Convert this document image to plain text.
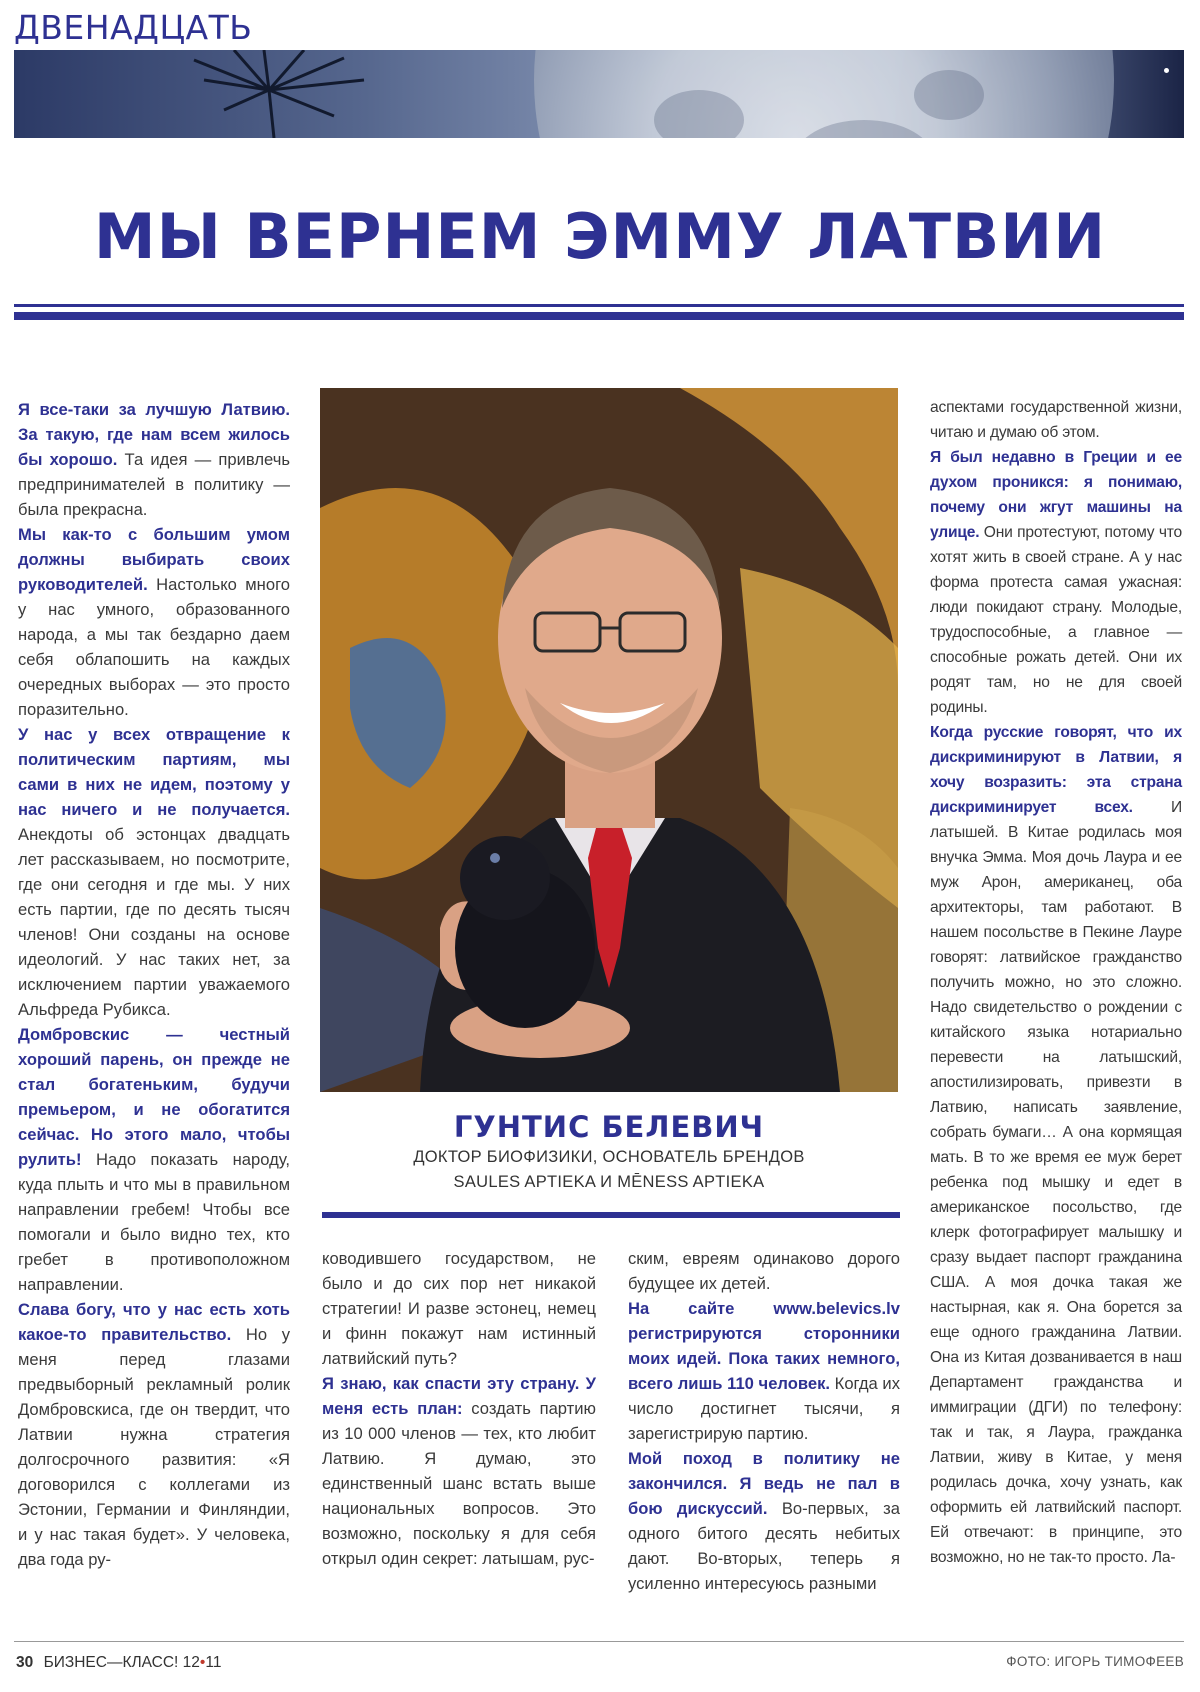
ДВЕНАДЦАТЬ
МЫ ВЕРНЕМ ЭММУ ЛАТВИИ

Я все-таки за лучшую Латвию. За такую, где нам всем жилось бы хорошо. Та идея — привлечь предпринимателей в политику — была прекрасна.

Мы как-то с большим умом должны выбирать своих руководителей. Настолько много у нас умного, образованного народа, а мы так бездарно даем себя облапошить на каждых очередных выборах — это просто поразительно.

У нас у всех отвращение к политическим партиям, мы сами в них не идем, поэтому у нас ничего и не получается. Анекдоты об эстонцах двадцать лет рассказываем, но посмотрите, где они сегодня и где мы. У них есть партии, где по десять тысяч членов! Они созданы на основе идеологий. У нас таких нет, за исключением партии уважаемого Альфреда Рубикса.

Домбровскис — честный хороший парень, он прежде не стал богатеньким, будучи премьером, и не обогатится сейчас. Но этого мало, чтобы рулить! Надо показать народу, куда плыть и что мы в правильном направлении гребем! Чтобы все помогали и было видно тех, кто гребет в противоположном направлении.

Слава богу, что у нас есть хоть какое-то правительство. Но у меня перед глазами предвыборный рекламный ролик Домбровскиса, где он твердит, что Латвии нужна стратегия долгосрочного развития: «Я договорился с коллегами из Эстонии, Германии и Финляндии, и у нас такая будет». У человека, два года ру-

ГУНТИС БЕЛЕВИЧ
ДОКТОР БИОФИЗИКИ, ОСНОВАТЕЛЬ БРЕНДОВ
SAULES APTIEKA И MĒNESS APTIEKA

ководившего государством, не было и до сих пор нет никакой стратегии! И разве эстонец, немец и финн покажут нам истинный латвийский путь?

Я знаю, как спасти эту страну. У меня есть план: создать партию из 10 000 членов — тех, кто любит Латвию. Я думаю, это единственный шанс встать выше национальных вопросов. Это возможно, поскольку я для себя открыл один секрет: латышам, рус-

ским, евреям одинаково дорого будущее их детей.

На сайте www.belevics.lv регистрируются сторонники моих идей. Пока таких немного, всего лишь 110 человек. Когда их число достигнет тысячи, я зарегистрирую партию.

Мой поход в политику не закончился. Я ведь не пал в бою дискуссий. Во-первых, за одного битого десять небитых дают. Во-вторых, теперь я усиленно интересуюсь разными

аспектами государственной жизни, читаю и думаю об этом.

Я был недавно в Греции и ее духом проникся: я понимаю, почему они жгут машины на улице. Они протестуют, потому что хотят жить в своей стране. А у нас форма протеста самая ужасная: люди покидают страну. Молодые, трудоспособные, а главное — способные рожать детей. Они их родят там, но не для своей родины.

Когда русские говорят, что их дискриминируют в Латвии, я хочу возразить: эта страна дискриминирует всех. И латышей. В Китае родилась моя внучка Эмма. Моя дочь Лаура и ее муж Арон, американец, оба архитекторы, там работают. В нашем посольстве в Пекине Лауре говорят: латвийское гражданство получить можно, но это сложно. Надо свидетельство о рождении с китайского языка нотариально перевести на латышский, апостилизировать, привезти в Латвию, написать заявление, собрать бумаги… А она кормящая мать. В то же время ее муж берет ребенка под мышку и едет в американское посольство, где клерк фотографирует малышку и сразу выдает паспорт гражданина США. А моя дочка такая же настырная, как я. Она борется за еще одного гражданина Латвии. Она из Китая дозванивается в наш Департамент гражданства и иммиграции (ДГИ) по телефону: так и так, я Лаура, гражданка Латвии, живу в Китае, у меня родилась дочка, хочу узнать, как оформить ей латвийский паспорт. Ей отвечают: в принципе, это возможно, но не так-то просто. Ла-

30 БИЗНЕС—КЛАСС! 12•11	ФОТО: ИГОРЬ ТИМОФЕЕВ
